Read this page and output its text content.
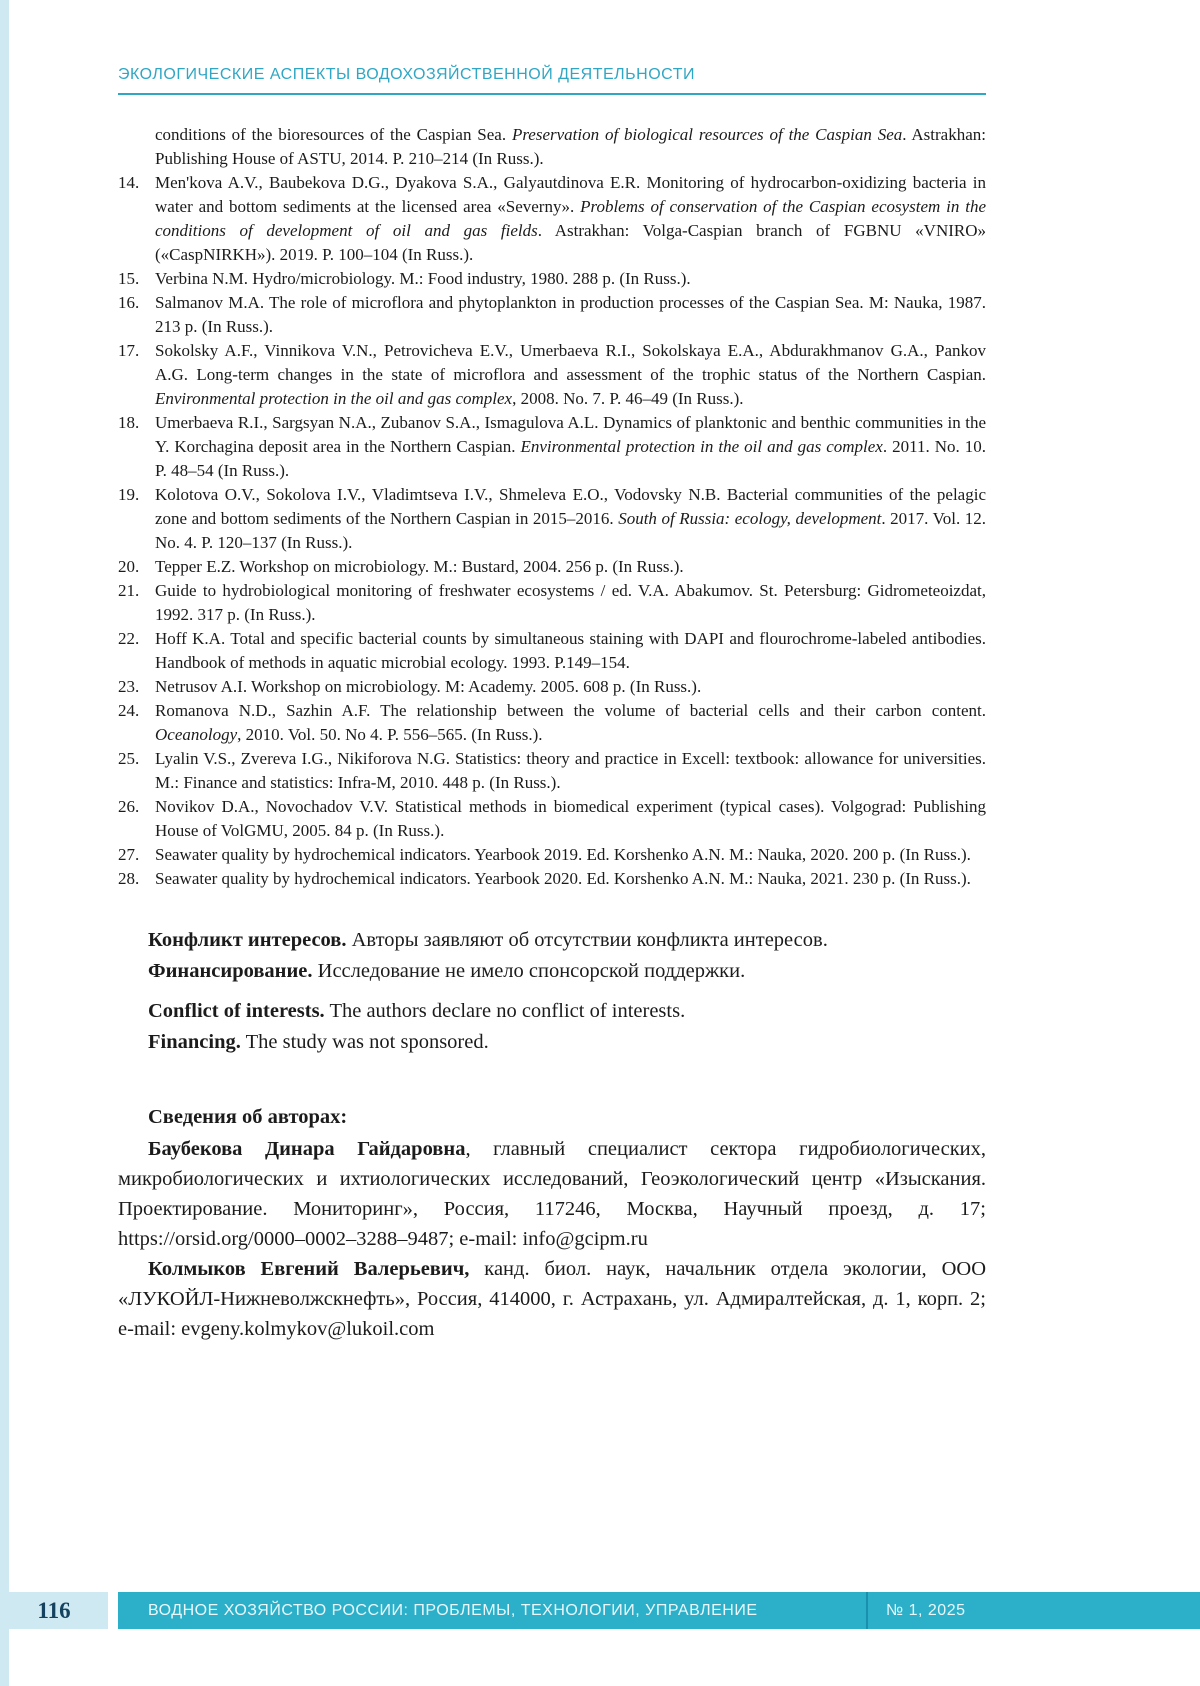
ЭКОЛОГИЧЕСКИЕ АСПЕКТЫ ВОДОХОЗЯЙСТВЕННОЙ ДЕЯТЕЛЬНОСТИ
conditions of the bioresources of the Caspian Sea. Preservation of biological resources of the Caspian Sea. Astrakhan: Publishing House of ASTU, 2014. P. 210–214 (In Russ.).
14. Men'kova A.V., Baubekova D.G., Dyakova S.A., Galyautdinova E.R. Monitoring of hydrocarbon-oxidizing bacteria in water and bottom sediments at the licensed area «Severny». Problems of conservation of the Caspian ecosystem in the conditions of development of oil and gas fields. Astrakhan: Volga-Caspian branch of FGBNU «VNIRO» («CaspNIRKH»). 2019. P. 100–104 (In Russ.).
15. Verbina N.M. Hydro/microbiology. M.: Food industry, 1980. 288 p. (In Russ.).
16. Salmanov M.A. The role of microflora and phytoplankton in production processes of the Caspian Sea. M: Nauka, 1987. 213 p. (In Russ.).
17. Sokolsky A.F., Vinnikova V.N., Petrovicheva E.V., Umerbaeva R.I., Sokolskaya E.A., Abdurakhmanov G.A., Pankov A.G. Long-term changes in the state of microflora and assessment of the trophic status of the Northern Caspian. Environmental protection in the oil and gas complex, 2008. No. 7. P. 46–49 (In Russ.).
18. Umerbaeva R.I., Sargsyan N.A., Zubanov S.A., Ismagulova A.L. Dynamics of planktonic and benthic communities in the Y. Korchagina deposit area in the Northern Caspian. Environmental protection in the oil and gas complex. 2011. No. 10. P. 48–54 (In Russ.).
19. Kolotova O.V., Sokolova I.V., Vladimtseva I.V., Shmeleva E.O., Vodovsky N.B. Bacterial communities of the pelagic zone and bottom sediments of the Northern Caspian in 2015–2016. South of Russia: ecology, development. 2017. Vol. 12. No. 4. P. 120–137 (In Russ.).
20. Tepper E.Z. Workshop on microbiology. M.: Bustard, 2004. 256 p. (In Russ.).
21. Guide to hydrobiological monitoring of freshwater ecosystems / ed. V.A. Abakumov. St. Petersburg: Gidrometeoizdat, 1992. 317 p. (In Russ.).
22. Hoff K.A. Total and specific bacterial counts by simultaneous staining with DAPI and flourochrome-labeled antibodies. Handbook of methods in aquatic microbial ecology. 1993. P.149–154.
23. Netrusov A.I. Workshop on microbiology. M: Academy. 2005. 608 p. (In Russ.).
24. Romanova N.D., Sazhin A.F. The relationship between the volume of bacterial cells and their carbon content. Oceanology, 2010. Vol. 50. No 4. P. 556–565. (In Russ.).
25. Lyalin V.S., Zvereva I.G., Nikiforova N.G. Statistics: theory and practice in Excell: textbook: allowance for universities. M.: Finance and statistics: Infra-M, 2010. 448 p. (In Russ.).
26. Novikov D.A., Novochadov V.V. Statistical methods in biomedical experiment (typical cases). Volgograd: Publishing House of VolGMU, 2005. 84 p. (In Russ.).
27. Seawater quality by hydrochemical indicators. Yearbook 2019. Ed. Korshenko A.N. M.: Nauka, 2020. 200 p. (In Russ.).
28. Seawater quality by hydrochemical indicators. Yearbook 2020. Ed. Korshenko A.N. M.: Nauka, 2021. 230 p. (In Russ.).

Конфликт интересов. Авторы заявляют об отсутствии конфликта интересов.

Финансирование. Исследование не имело спонсорской поддержки.

Conflict of interests. The authors declare no conflict of interests.

Financing. The study was not sponsored.

Сведения об авторах:

Баубекова Динара Гайдаровна, главный специалист сектора гидробиологических, микробиологических и ихтиологических исследований, Геоэкологический центр «Изыскания. Проектирование. Мониторинг», Россия, 117246, Москва, Научный проезд, д. 17; https://orsid.org/0000–0002–3288–9487; e-mail: info@gcipm.ru

Колмыков Евгений Валерьевич, канд. биол. наук, начальник отдела экологии, ООО «ЛУКОЙЛ-Нижневолжскнефть», Россия, 414000, г. Астрахань, ул. Адмиралтейская, д. 1, корп. 2; e-mail: evgeny.kolmykov@lukoil.com

116	ВОДНОЕ ХОЗЯЙСТВО РОССИИ: ПРОБЛЕМЫ, ТЕХНОЛОГИИ, УПРАВЛЕНИЕ	№ 1, 2025
